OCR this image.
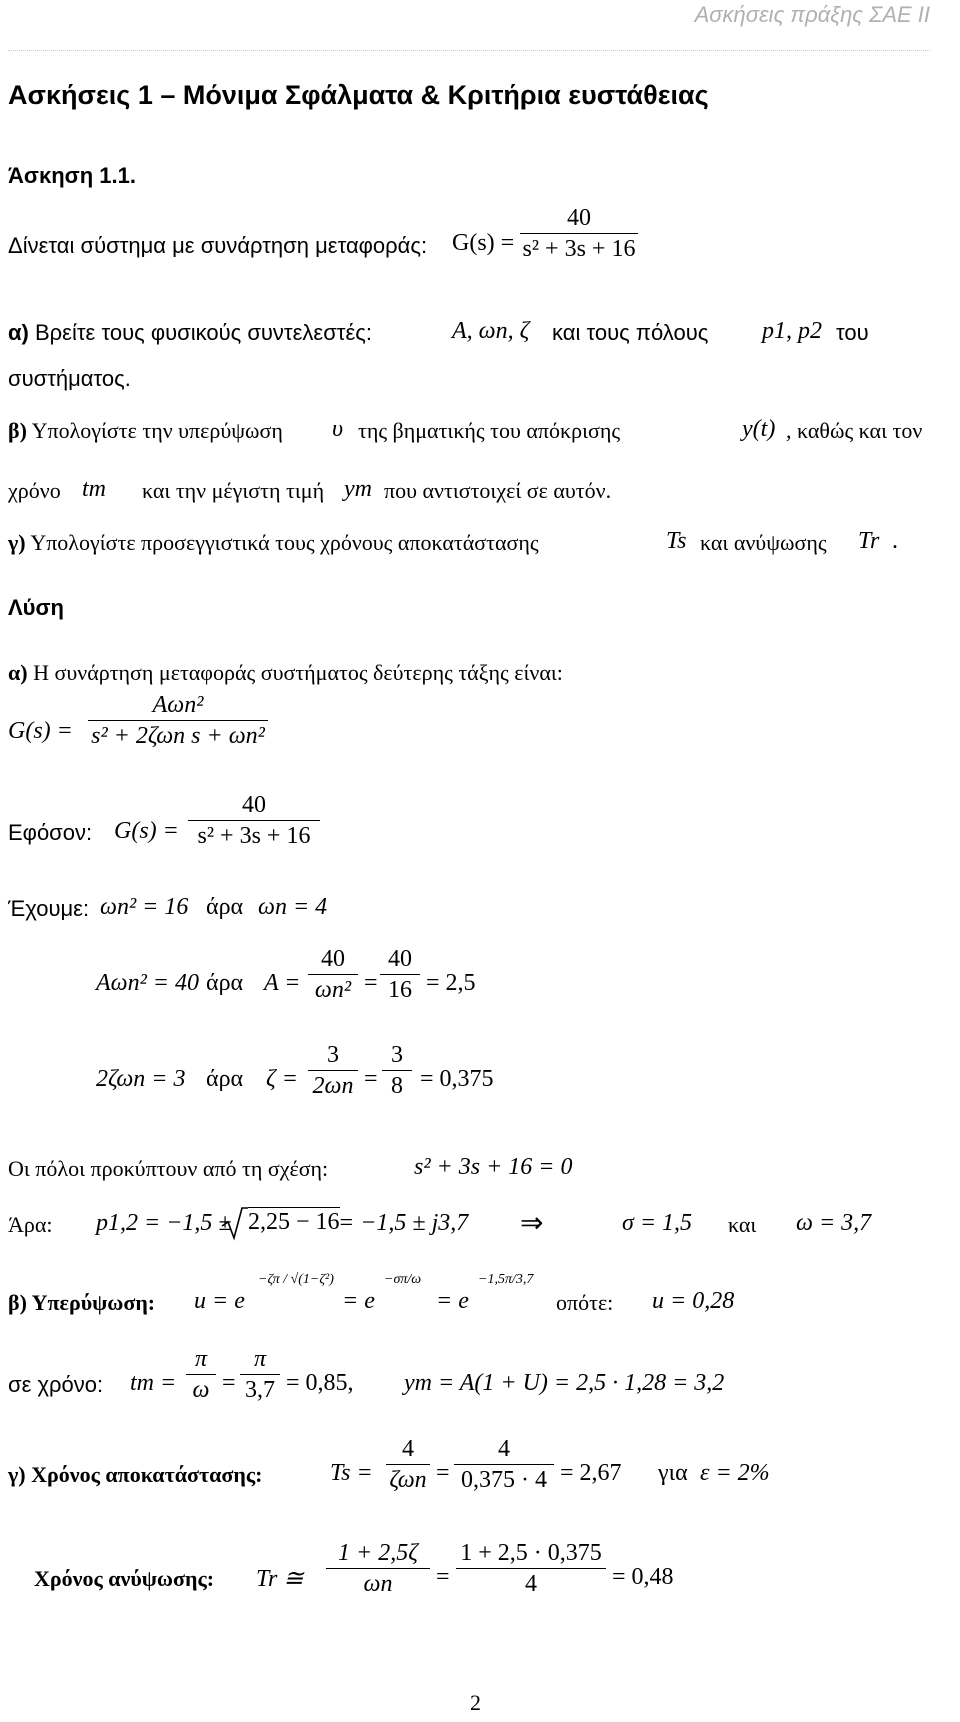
Ασκήσεις πράξης ΣΑΕ ΙΙ
Ασκήσεις 1 – Μόνιμα Σφάλματα & Κριτήρια ευστάθειας
Άσκηση 1.1.
Δίνεται σύστημα με συνάρτηση μεταφοράς: G(s) =
40
s² + 3s + 16
α) Βρείτε τους φυσικούς συντελεστές:	A, ωn, ζ και τους πόλους p1, p2 του
συστήματος.
β) Υπολογίστε την υπερύψωση υ της βηματικής του απόκρισης	y(t) , καθώς και τον
χρόνο tm και την μέγιστη τιμή ym που αντιστοιχεί σε αυτόν.
γ) Υπολογίστε προσεγγιστικά τους χρόνους αποκατάστασης	Ts και ανύψωσης Tr .
Λύση
α) Η συνάρτηση μεταφοράς συστήματος δεύτερης τάξης είναι:
G(s) =
Aωn²
s² + 2ζωn s + ωn²
Εφόσον: G(s) =
40
s² + 3s + 16
Έχουμε: ωn² = 16 άρα ωn = 4
Aωn² = 40 άρα A =
40
ωn² =
40
16 = 2,5
2ζωn = 3 άρα ζ =
3
2ωn =
3
8 = 0,375
Οι πόλοι προκύπτουν από τη σχέση:	s² + 3s + 16 = 0
Άρα: p1,2 = −1,5 ± 2,25 − 16
= −1,5 ± j3,7 ⇒	σ = 1,5 και ω = 3,7
β) Υπερύψωση: u = e
−ζπ / √(1−ζ²)
= e
−σπ/ω
= e
−1,5π/3,7
οπότε: u = 0,28
σε χρόνο: tm =
π
ω =
π
3,7 = 0,85, ym = A(1 + U) = 2,5 · 1,28 = 3,2
γ) Χρόνος αποκατάστασης:	Ts =
4
ζωn =
4
0,375 · 4 = 2,67 για ε = 2%
Χρόνος ανύψωσης: Tr ≅
1 + 2,5ζ
ωn =
1 + 2,5 · 0,375
4	= 0,48
2
